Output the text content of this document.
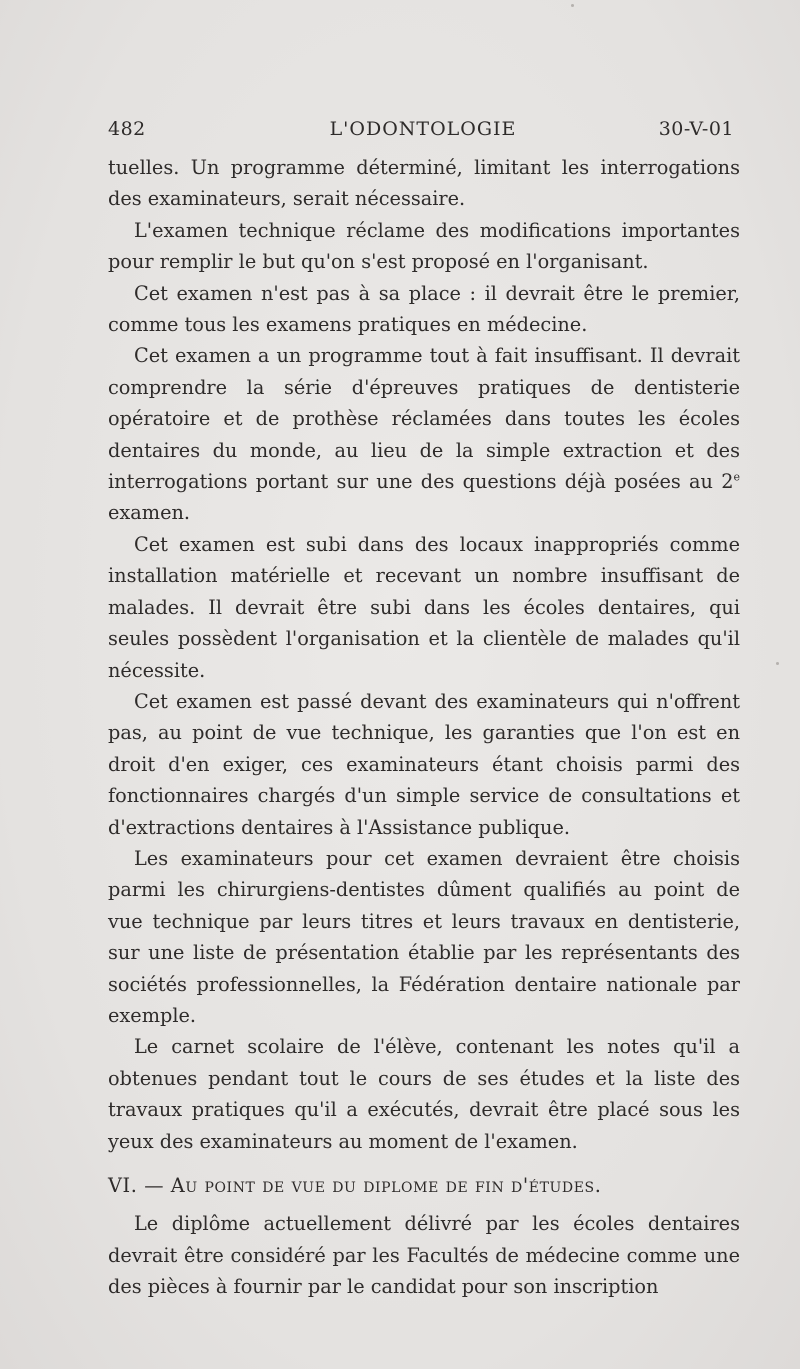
482	L'ODONTOLOGIE	30-V-01

tuelles. Un programme déterminé, limitant les interrogations des examinateurs, serait nécessaire.

L'examen technique réclame des modifications importantes pour remplir le but qu'on s'est proposé en l'organisant.

Cet examen n'est pas à sa place : il devrait être le premier, comme tous les examens pratiques en médecine.

Cet examen a un programme tout à fait insuffisant. Il devrait comprendre la série d'épreuves pratiques de dentisterie opératoire et de prothèse réclamées dans toutes les écoles dentaires du monde, au lieu de la simple extraction et des interrogations portant sur une des questions déjà posées au 2e examen.

Cet examen est subi dans des locaux inappropriés comme installation matérielle et recevant un nombre insuffisant de malades. Il devrait être subi dans les écoles dentaires, qui seules possèdent l'organisation et la clientèle de malades qu'il nécessite.

Cet examen est passé devant des examinateurs qui n'offrent pas, au point de vue technique, les garanties que l'on est en droit d'en exiger, ces examinateurs étant choisis parmi des fonctionnaires chargés d'un simple service de consultations et d'extractions dentaires à l'Assistance publique.

Les examinateurs pour cet examen devraient être choisis parmi les chirurgiens-dentistes dûment qualifiés au point de vue technique par leurs titres et leurs travaux en dentisterie, sur une liste de présentation établie par les représentants des sociétés professionnelles, la Fédération dentaire nationale par exemple.

Le carnet scolaire de l'élève, contenant les notes qu'il a obtenues pendant tout le cours de ses études et la liste des travaux pratiques qu'il a exécutés, devrait être placé sous les yeux des examinateurs au moment de l'examen.

VI. — Au point de vue du diplome de fin d'études.

Le diplôme actuellement délivré par les écoles dentaires devrait être considéré par les Facultés de médecine comme une des pièces à fournir par le candidat pour son inscription
